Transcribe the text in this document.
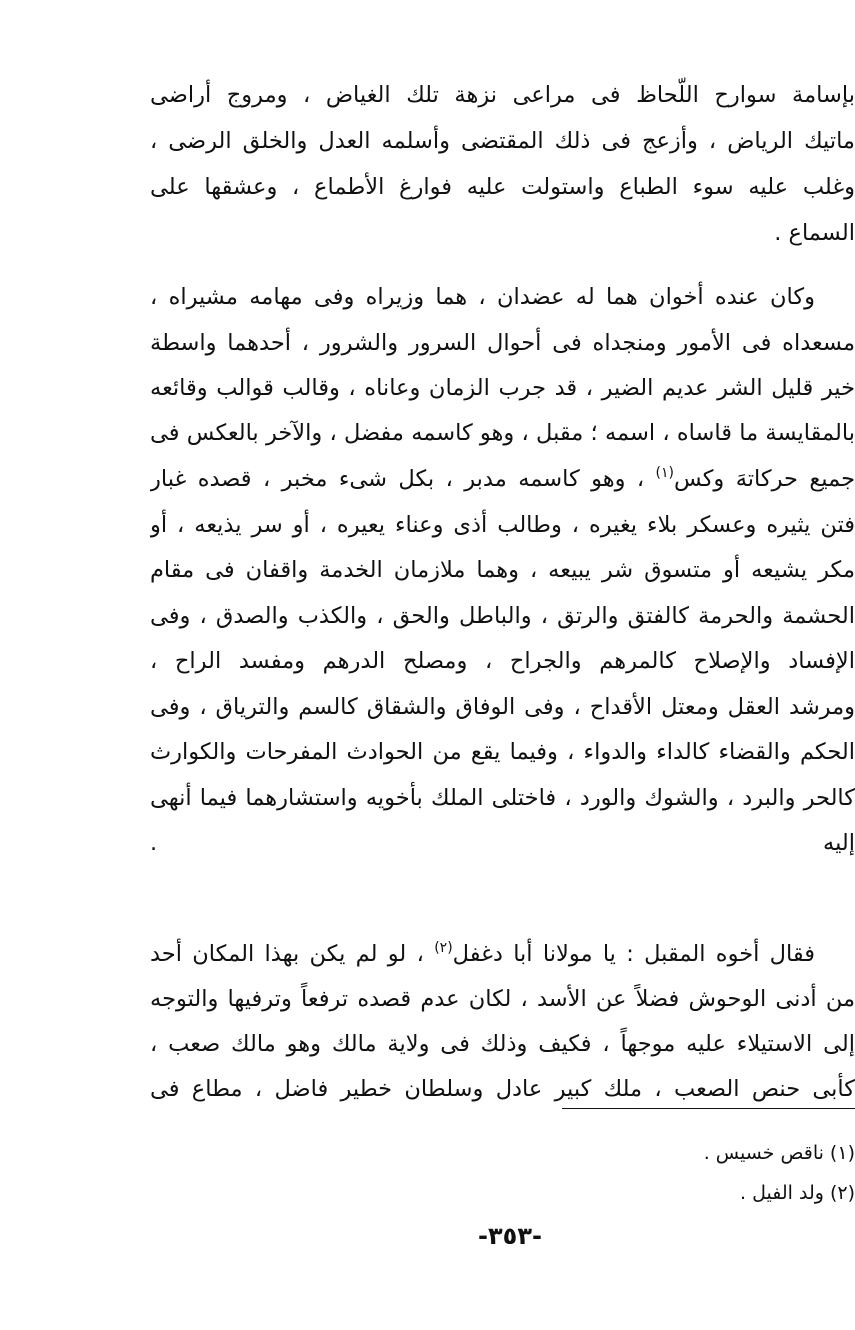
بإسامة سوارح اللّحاظ فى مراعى نزهة تلك الغياض ، ومروج أراضى
ماتيك الرياض ، وأزعج فى ذلك المقتضى وأسلمه العدل والخلق الرضى ،
وغلب عليه سوء الطباع واستولت عليه فوارغ الأطماع ، وعشقها على
السماع .
وكان عنده أخوان هما له عضدان ، هما وزيراه وفى مهامه مشيراه ،
مسعداه فى الأمور ومنجداه فى أحوال السرور والشرور ، أحدهما واسطة
خير قليل الشر عديم الضير ، قد جرب الزمان وعاناه ، وقالب قوالب وقائعه
بالمقايسة ما قاساه ، اسمه ؛ مقبل ، وهو كاسمه مفضل ، والآخر بالعكس فى
جميع حركاتهَ وكس$^{(١)}$ ، وهو كاسمه مدبر ، بكل شىء مخبر ، قصده غبار
فتن يثيره وعسكر بلاء يغيره ، وطالب أذى وعناء يعيره ، أو سر يذيعه ، أو
مكر يشيعه أو متسوق شر يبيعه ، وهما ملازمان الخدمة واقفان فى مقام
الحشمة والحرمة كالفتق والرتق ، والباطل والحق ، والكذب والصدق ، وفى
الإفساد والإصلاح كالمرهم والجراح ، ومصلح الدرهم ومفسد الراح ،
ومرشد العقل ومعتل الأقداح ، وفى الوفاق والشقاق كالسم والترياق ، وفى
الحكم والقضاء كالداء والدواء ، وفيما يقع من الحوادث المفرحات والكوارث
كالحر والبرد ، والشوك والورد ، فاختلى الملك بأخويه واستشارهما فيما أنهى
إليه .
فقال أخوه المقبل : يا مولانا أبا دغفل$^{(٢)}$ ، لو لم يكن بهذا المكان أحد
من أدنى الوحوش فضلاً عن الأسد ، لكان عدم قصده ترفعاً وترفيها والتوجه
إلى الاستيلاء عليه موجهاً ، فكيف وذلك فى ولاية مالك وهو مالك صعب ،
كأبى حنص الصعب ، ملك كبير عادل وسلطان خطير فاضل ، مطاع فى
(١) ناقص خسيس .
(٢) ولد الفيل .
-٣٥٣-
